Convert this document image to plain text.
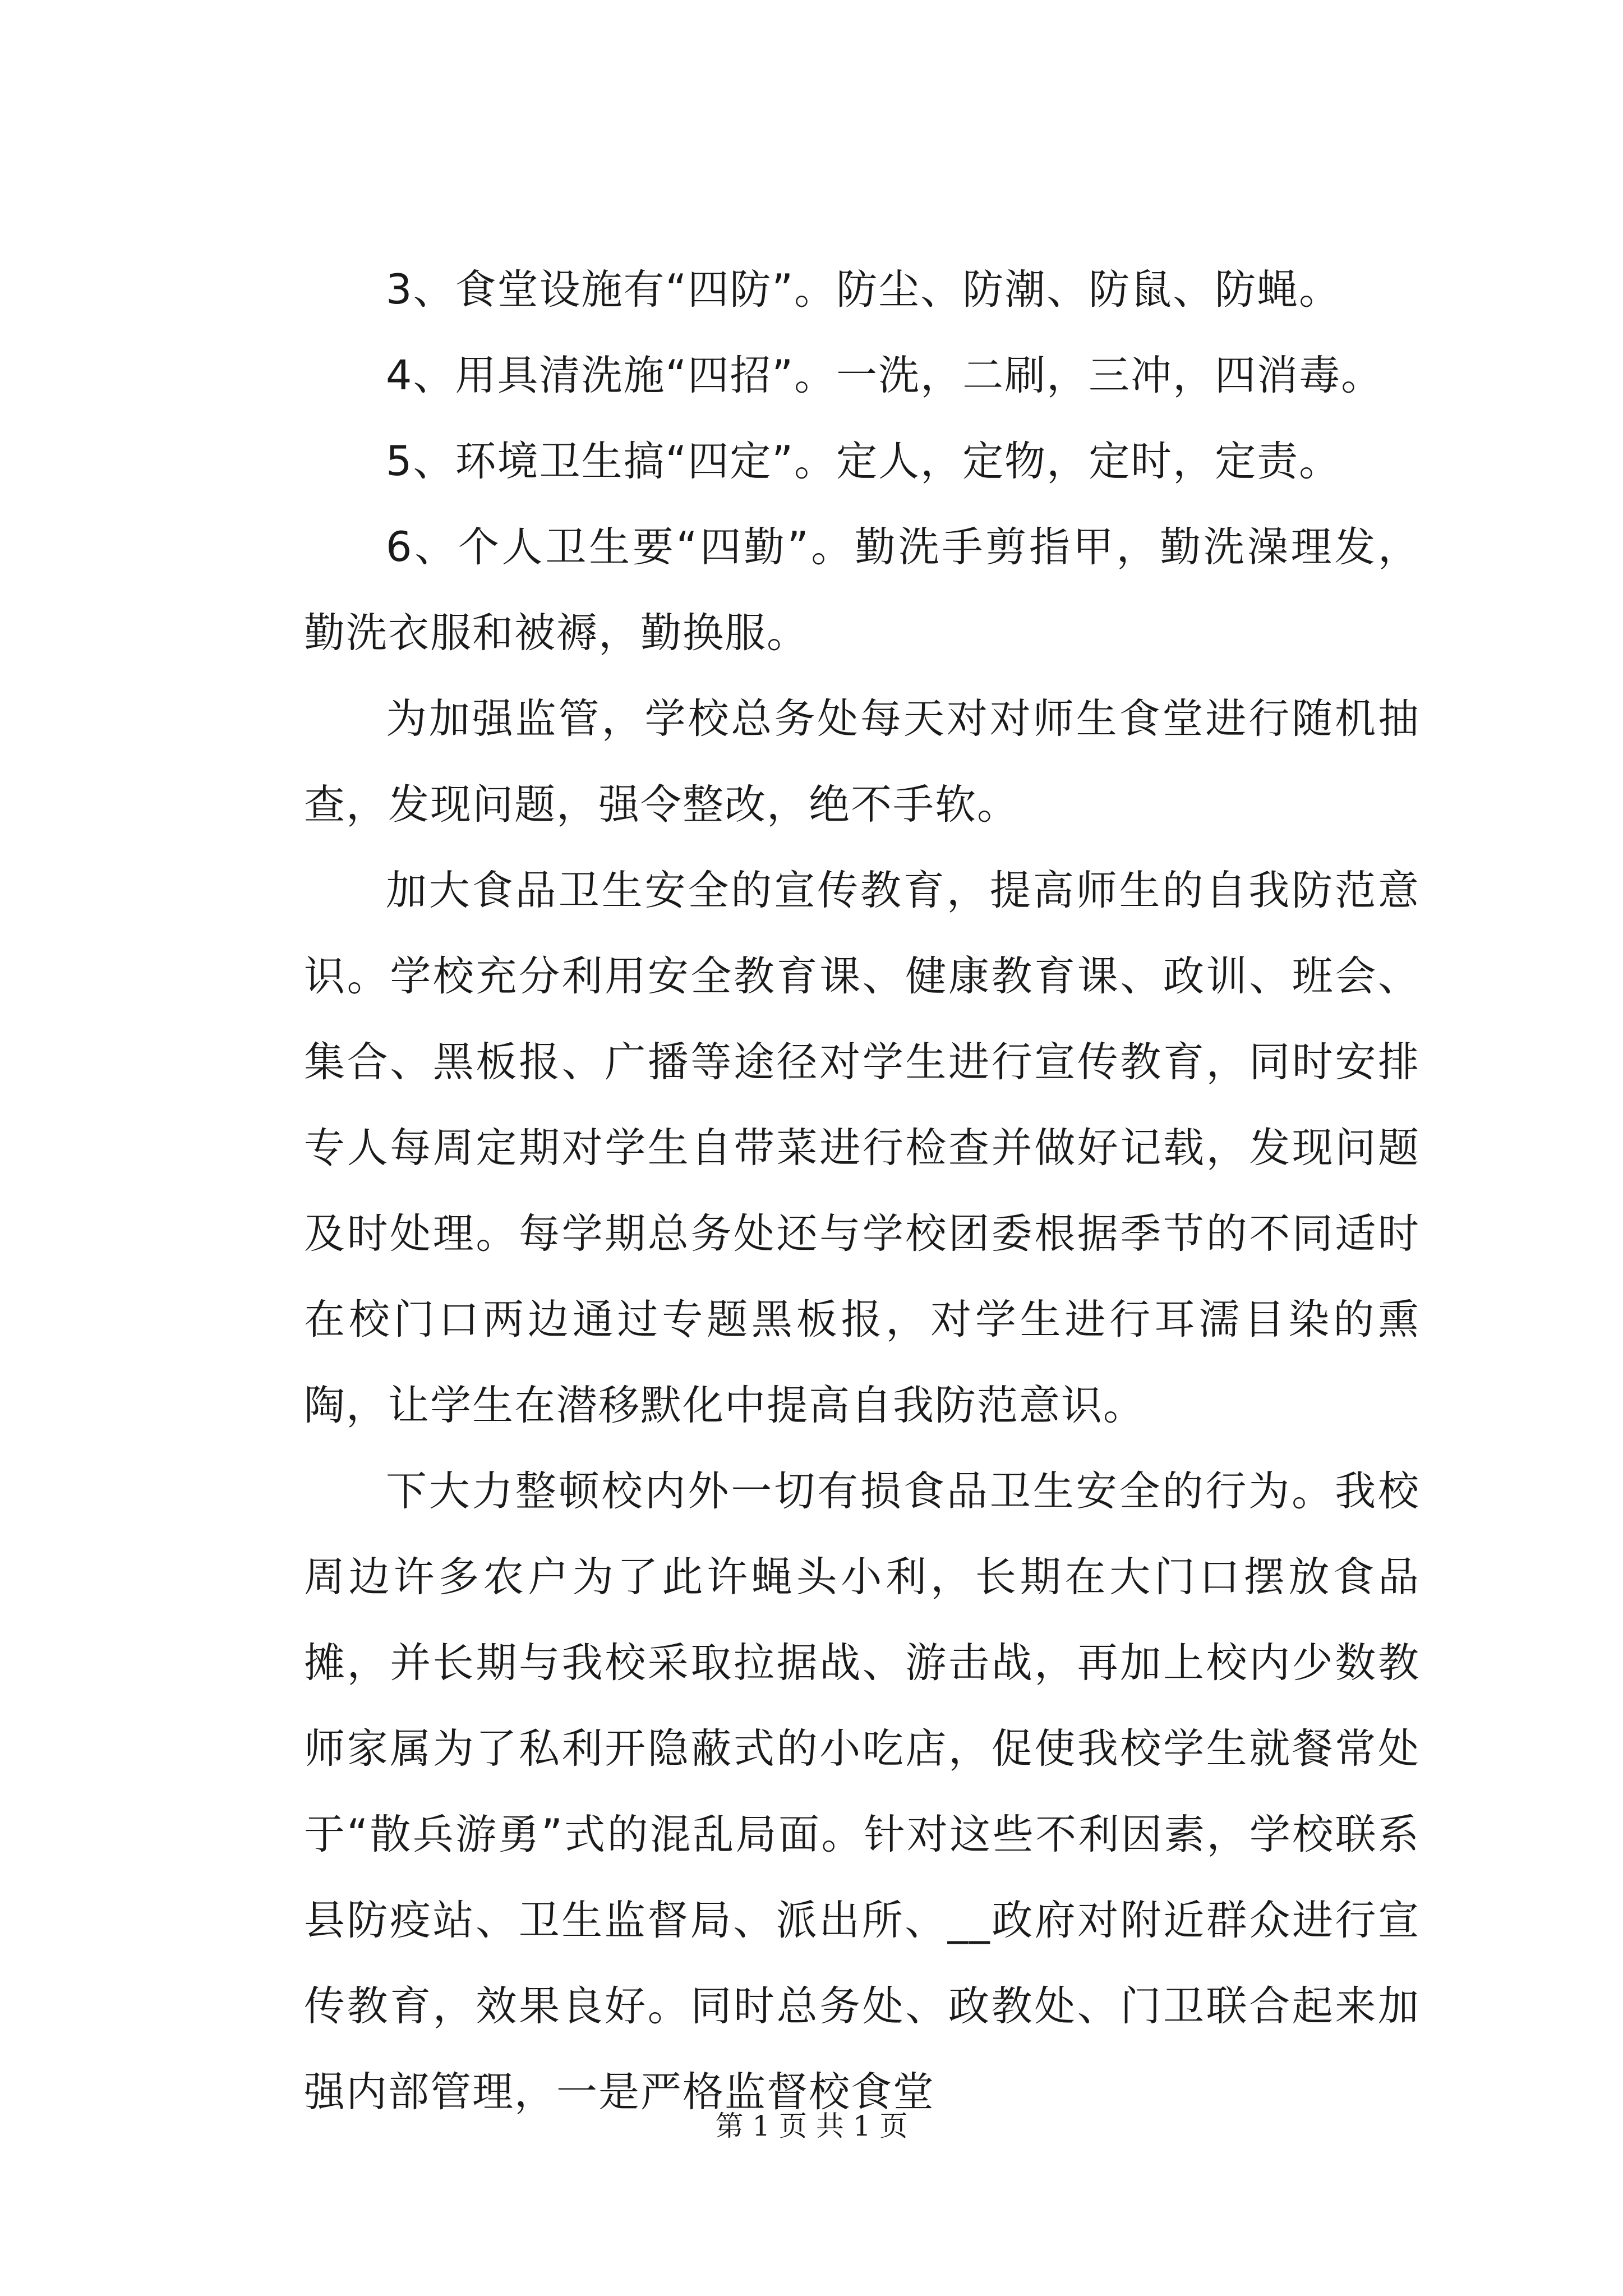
3、食堂设施有“四防”。防尘、防潮、防鼠、防蝇。

4、用具清洗施“四招”。一洗，二刷，三冲，四消毒。

5、环境卫生搞“四定”。定人，定物，定时，定责。

6、个人卫生要“四勤”。勤洗手剪指甲，勤洗澡理发，勤洗衣服和被褥，勤换服。

为加强监管，学校总务处每天对对师生食堂进行随机抽查，发现问题，强令整改，绝不手软。

加大食品卫生安全的宣传教育，提高师生的自我防范意识。学校充分利用安全教育课、健康教育课、政训、班会、集合、黑板报、广播等途径对学生进行宣传教育，同时安排专人每周定期对学生自带菜进行检查并做好记载，发现问题及时处理。每学期总务处还与学校团委根据季节的不同适时在校门口两边通过专题黑板报，对学生进行耳濡目染的熏陶，让学生在潜移默化中提高自我防范意识。

下大力整顿校内外一切有损食品卫生安全的行为。我校周边许多农户为了此许蝇头小利，长期在大门口摆放食品摊，并长期与我校采取拉据战、游击战，再加上校内少数教师家属为了私利开隐蔽式的小吃店，促使我校学生就餐常处于“散兵游勇”式的混乱局面。针对这些不利因素，学校联系县防疫站、卫生监督局、派出所、__政府对附近群众进行宣传教育，效果良好。同时总务处、政教处、门卫联合起来加强内部管理，一是严格监督校食堂

第 1 页 共 1 页
